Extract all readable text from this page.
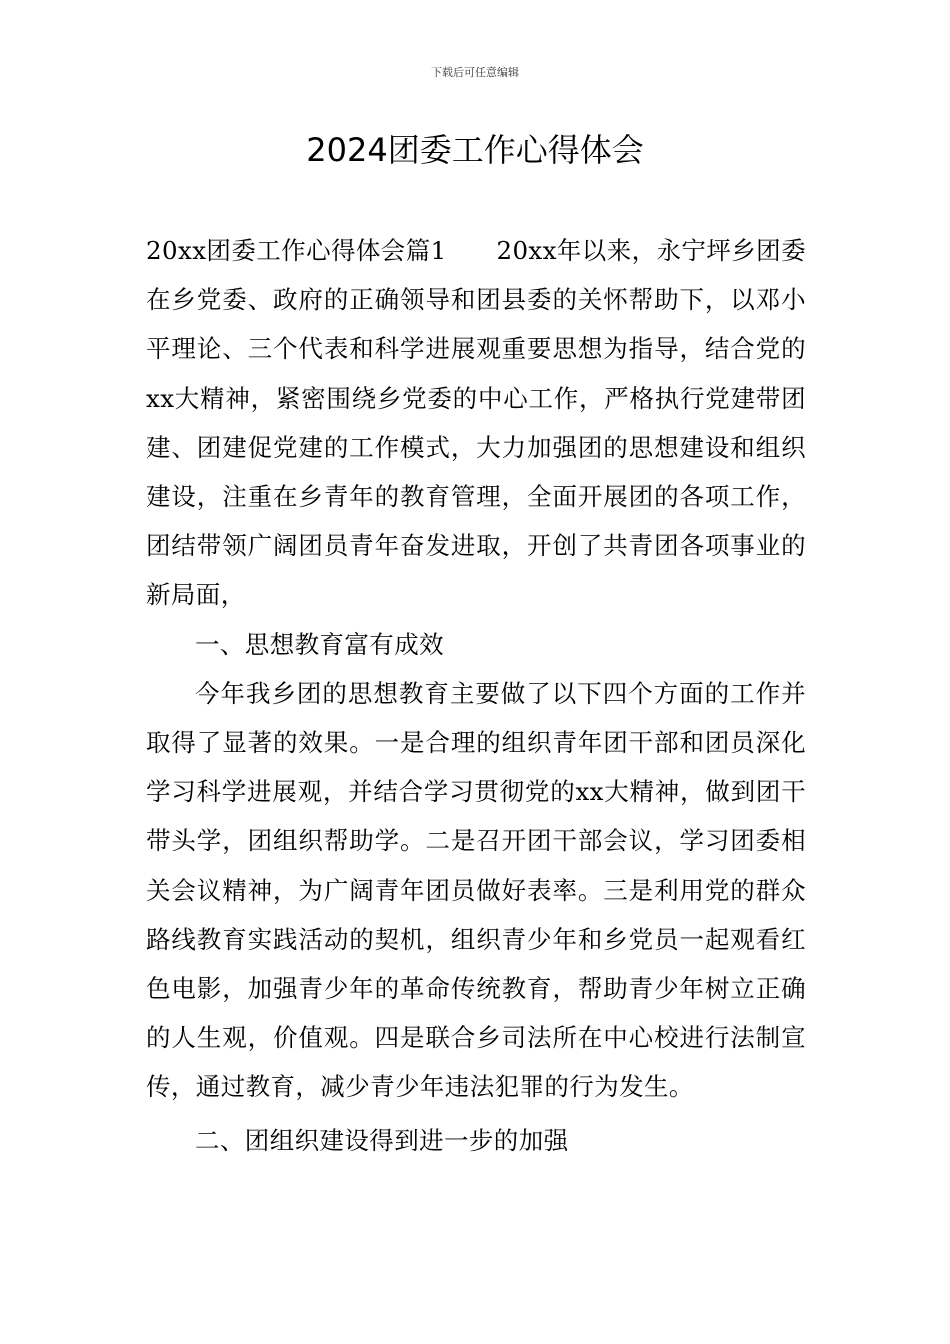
下载后可任意编辑
2024团委工作心得体会

20xx团委工作心得体会篇1　　20xx年以来，永宁坪乡团委在乡党委、政府的正确领导和团县委的关怀帮助下，以邓小平理论、三个代表和科学进展观重要思想为指导，结合党的xx大精神，紧密围绕乡党委的中心工作，严格执行党建带团建、团建促党建的工作模式，大力加强团的思想建设和组织建设，注重在乡青年的教育管理，全面开展团的各项工作，团结带领广阔团员青年奋发进取，开创了共青团各项事业的新局面，

一、思想教育富有成效

今年我乡团的思想教育主要做了以下四个方面的工作并取得了显著的效果。一是合理的组织青年团干部和团员深化学习科学进展观，并结合学习贯彻党的xx大精神，做到团干带头学，团组织帮助学。二是召开团干部会议，学习团委相关会议精神，为广阔青年团员做好表率。三是利用党的群众路线教育实践活动的契机，组织青少年和乡党员一起观看红色电影，加强青少年的革命传统教育，帮助青少年树立正确的人生观，价值观。四是联合乡司法所在中心校进行法制宣传，通过教育，减少青少年违法犯罪的行为发生。

二、团组织建设得到进一步的加强
